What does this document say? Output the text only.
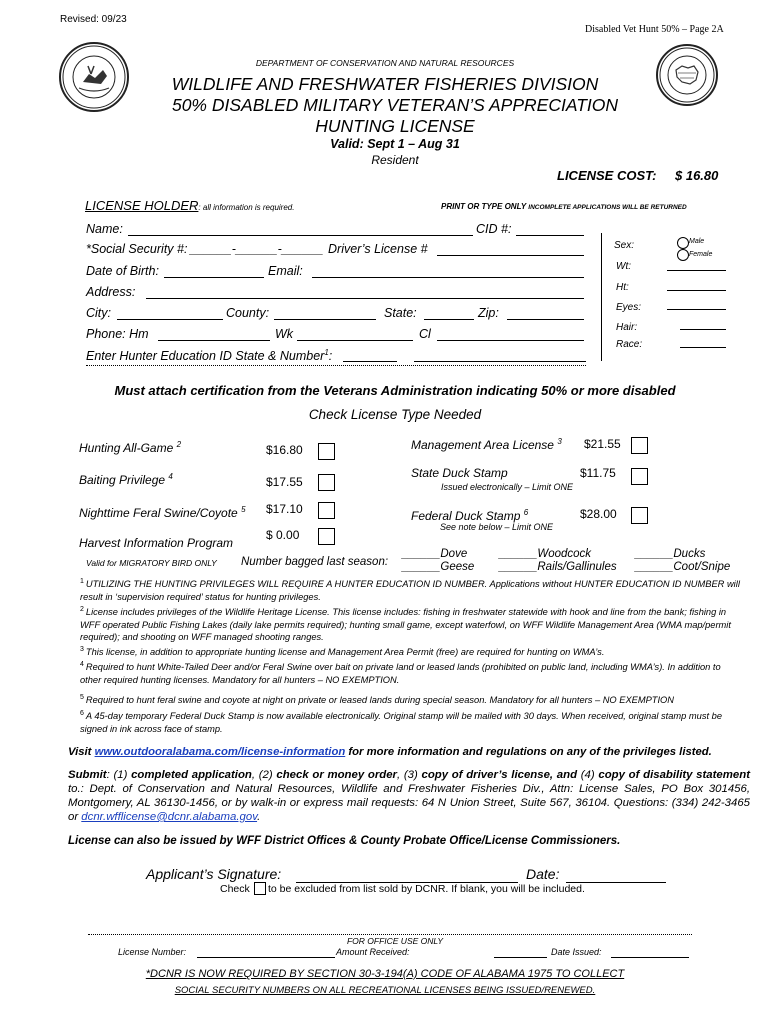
Revised: 09/23
Disabled Vet Hunt 50% – Page 2A
DEPARTMENT OF CONSERVATION AND NATURAL RESOURCES
WILDLIFE AND FRESHWATER FISHERIES DIVISION
50% DISABLED MILITARY VETERAN’S APPRECIATION
HUNTING LICENSE
Valid: Sept 1 – Aug 31
Resident
LICENSE COST: $ 16.80
LICENSE HOLDER: all information is required.	PRINT OR TYPE ONLY INCOMPLETE APPLICATIONS WILL BE RETURNED
Name:	CID #:
*Social Security #: ______-______-______ Driver’s License #
Date of Birth:	Email:
Address:
City:	County:	State:	Zip:
Phone: Hm	Wk	Cl
Enter Hunter Education ID State & Number$^1$:
Sex:	Male
Female
Wt:
Ht:
Eyes:
Hair:
Race:
Must attach certification from the Veterans Administration indicating 50% or more disabled
Check License Type Needed
Hunting All-Game $^2$	$16.80
Baiting Privilege $^4$	$17.55
Nighttime Feral Swine/Coyote $^5$ $17.10
$ 0.00
Harvest Information Program
Management Area License $^3$ $21.55
State Duck Stamp	$11.75
Issued electronically – Limit ONE
Federal Duck Stamp $^6$	$28.00
See note below – Limit ONE
Valid for MIGRATORY BIRD ONLY Number bagged last season:
______Dove	______Woodcock	______Ducks
______Geese ______Rails/Gallinules ______Coot/Snipe
$^1$ UTILIZING THE HUNTING PRIVILEGES WILL REQUIRE A HUNTER EDUCATION ID NUMBER. Applications without HUNTER EDUCATION ID NUMBER will result in ‘supervision required’ status for hunting privileges.
$^2$ License includes privileges of the Wildlife Heritage License. This license includes: fishing in freshwater statewide with hook and line from the bank; fishing in WFF operated Public Fishing Lakes (daily lake permits required); hunting small game, except waterfowl, on WFF Wildlife Management Area (WMA map/permit required); and shooting on WFF managed shooting ranges.
$^3$ This license, in addition to appropriate hunting license and Management Area Permit (free) are required for hunting on WMA’s.
$^4$ Required to hunt White-Tailed Deer and/or Feral Swine over bait on private land or leased lands (prohibited on public land, including WMA’s). In addition to other required hunting licenses. Mandatory for all hunters – NO EXEMPTION.
$^5$ Required to hunt feral swine and coyote at night on private or leased lands during special season. Mandatory for all hunters – NO EXEMPTION
$^6$ A 45-day temporary Federal Duck Stamp is now available electronically. Original stamp will be mailed with 30 days. When received, original stamp must be signed in ink across face of stamp.
Visit www.outdooralabama.com/license-information for more information and regulations on any of the privileges listed.
Submit: (1) completed application, (2) check or money order, (3) copy of driver’s license, and (4) copy of disability statement to.: Dept. of Conservation and Natural Resources, Wildlife and Freshwater Fisheries Div., Attn: License Sales, PO Box 301456, Montgomery, AL 36130-1456, or by walk-in or express mail requests: 64 N Union Street, Suite 567, 36104. Questions: (334) 242-3465 or dcnr.wfflicense@dcnr.alabama.gov.
License can also be issued by WFF District Offices & County Probate Office/License Commissioners.
Applicant’s Signature:	Date:
Check to be excluded from list sold by DCNR. If blank, you will be included.
FOR OFFICE USE ONLY
License Number:	Amount Received:	Date Issued:
*DCNR IS NOW REQUIRED BY SECTION 30-3-194(A) CODE OF ALABAMA 1975 TO COLLECT
SOCIAL SECURITY NUMBERS ON ALL RECREATIONAL LICENSES BEING ISSUED/RENEWED.
